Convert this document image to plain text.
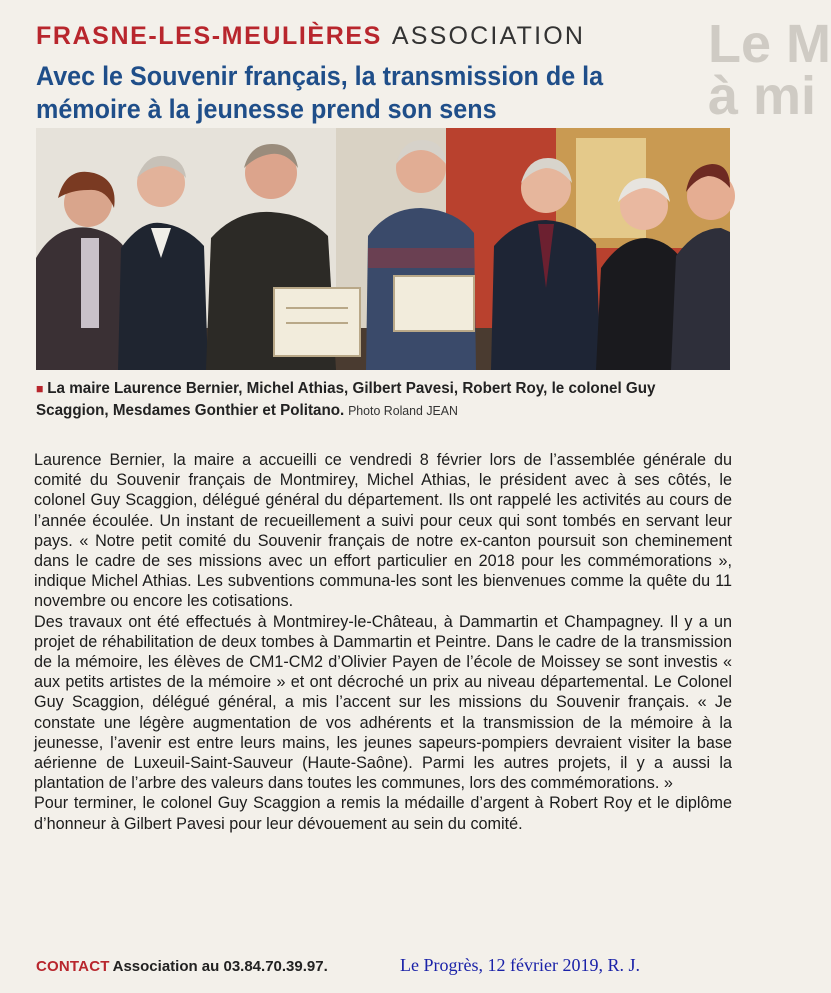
FRASNE-LES-MEULIÈRES ASSOCIATION Le M
à mi
Avec le Souvenir français, la transmission de la mémoire à la jeunesse prend son sens
■ La maire Laurence Bernier, Michel Athias, Gilbert Pavesi, Robert Roy, le colonel Guy Scaggion, Mesdames Gonthier et Politano. Photo Roland JEAN

Laurence Bernier, la maire a accueilli ce vendredi 8 février lors de l’assemblée générale du comité du Souvenir français de Montmirey, Michel Athias, le président avec à ses côtés, le colonel Guy Scaggion, délégué général du département. Ils ont rappelé les activités au cours de l’année écoulée. Un instant de recueillement a suivi pour ceux qui sont tombés en servant leur pays. « Notre petit comité du Souvenir français de notre ex-canton poursuit son cheminement dans le cadre de ses missions avec un effort particulier en 2018 pour les commémorations », indique Michel Athias. Les subventions communa-les sont les bienvenues comme la quête du 11 novembre ou encore les cotisations.

Des travaux ont été effectués à Montmirey-le-Château, à Dammartin et Champagney. Il y a un projet de réhabilitation de deux tombes à Dammartin et Peintre. Dans le cadre de la transmission de la mémoire, les élèves de CM1-CM2 d’Olivier Payen de l’école de Moissey se sont investis « aux petits artistes de la mémoire » et ont décroché un prix au niveau départemental. Le Colonel Guy Scaggion, délégué général, a mis l’accent sur les missions du Souvenir français. « Je constate une légère augmentation de vos adhérents et la transmission de la mémoire à la jeunesse, l’avenir est entre leurs mains, les jeunes sapeurs-pompiers devraient visiter la base aérienne de Luxeuil-Saint-Sauveur (Haute-Saône). Parmi les autres projets, il y a aussi la plantation de l’arbre des valeurs dans toutes les communes, lors des commémorations. »

Pour terminer, le colonel Guy Scaggion a remis la médaille d’argent à Robert Roy et le diplôme d’honneur à Gilbert Pavesi pour leur dévouement au sein du comité.

CONTACT Association au 03.84.70.39.97.	Le Progrès, 12 février 2019, R. J.
